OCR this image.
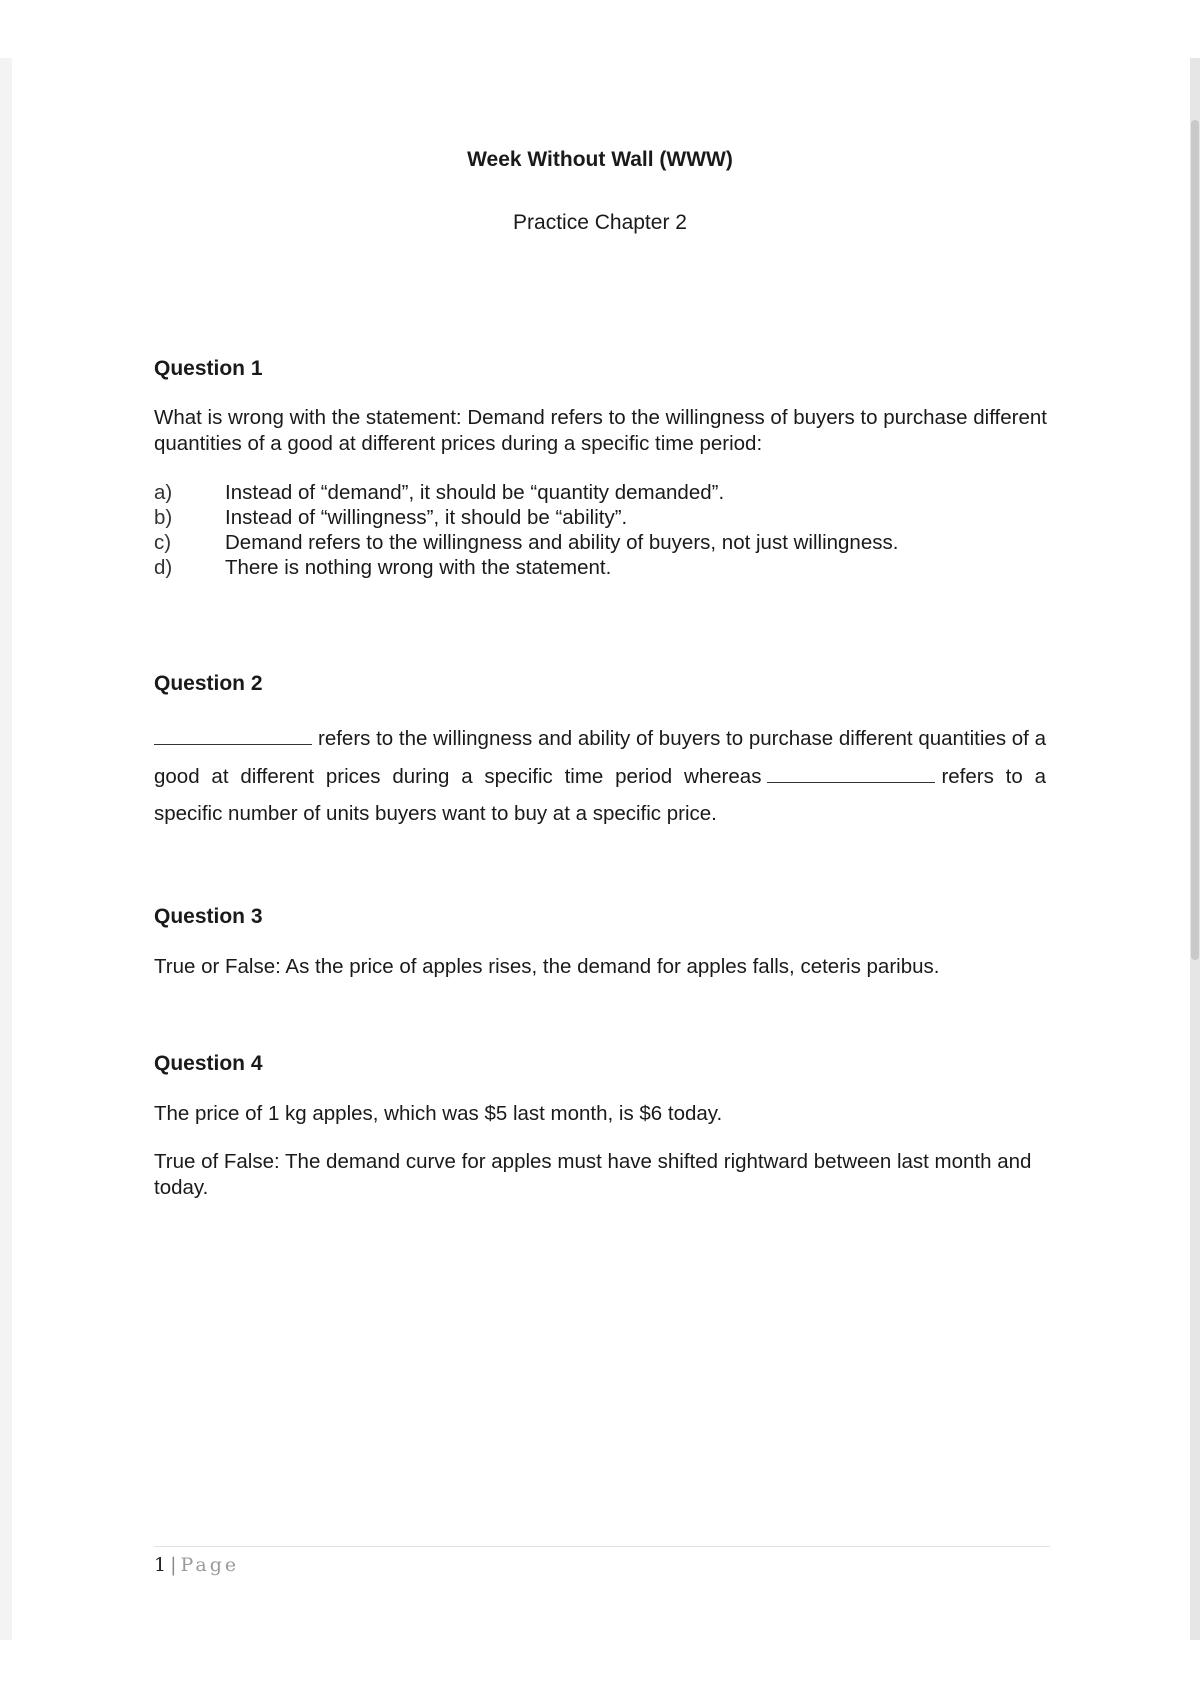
Week Without Wall (WWW)
Practice Chapter 2
Question 1
What is wrong with the statement: Demand refers to the willingness of buyers to purchase different quantities of a good at different prices during a specific time period:
a)	Instead of “demand”, it should be “quantity demanded”.
b)	Instead of “willingness”, it should be “ability”.
c)	Demand refers to the willingness and ability of buyers, not just willingness.
d)	There is nothing wrong with the statement.
Question 2
refers to the willingness and ability of buyers to purchase different quantities of a good at different prices during a specific time period whereas	refers to a specific number of units buyers want to buy at a specific price.
Question 3
True or False: As the price of apples rises, the demand for apples falls, ceteris paribus.
Question 4
The price of 1 kg apples, which was $5 last month, is $6 today.
True of False: The demand curve for apples must have shifted rightward between last month and today.
1 | Page
